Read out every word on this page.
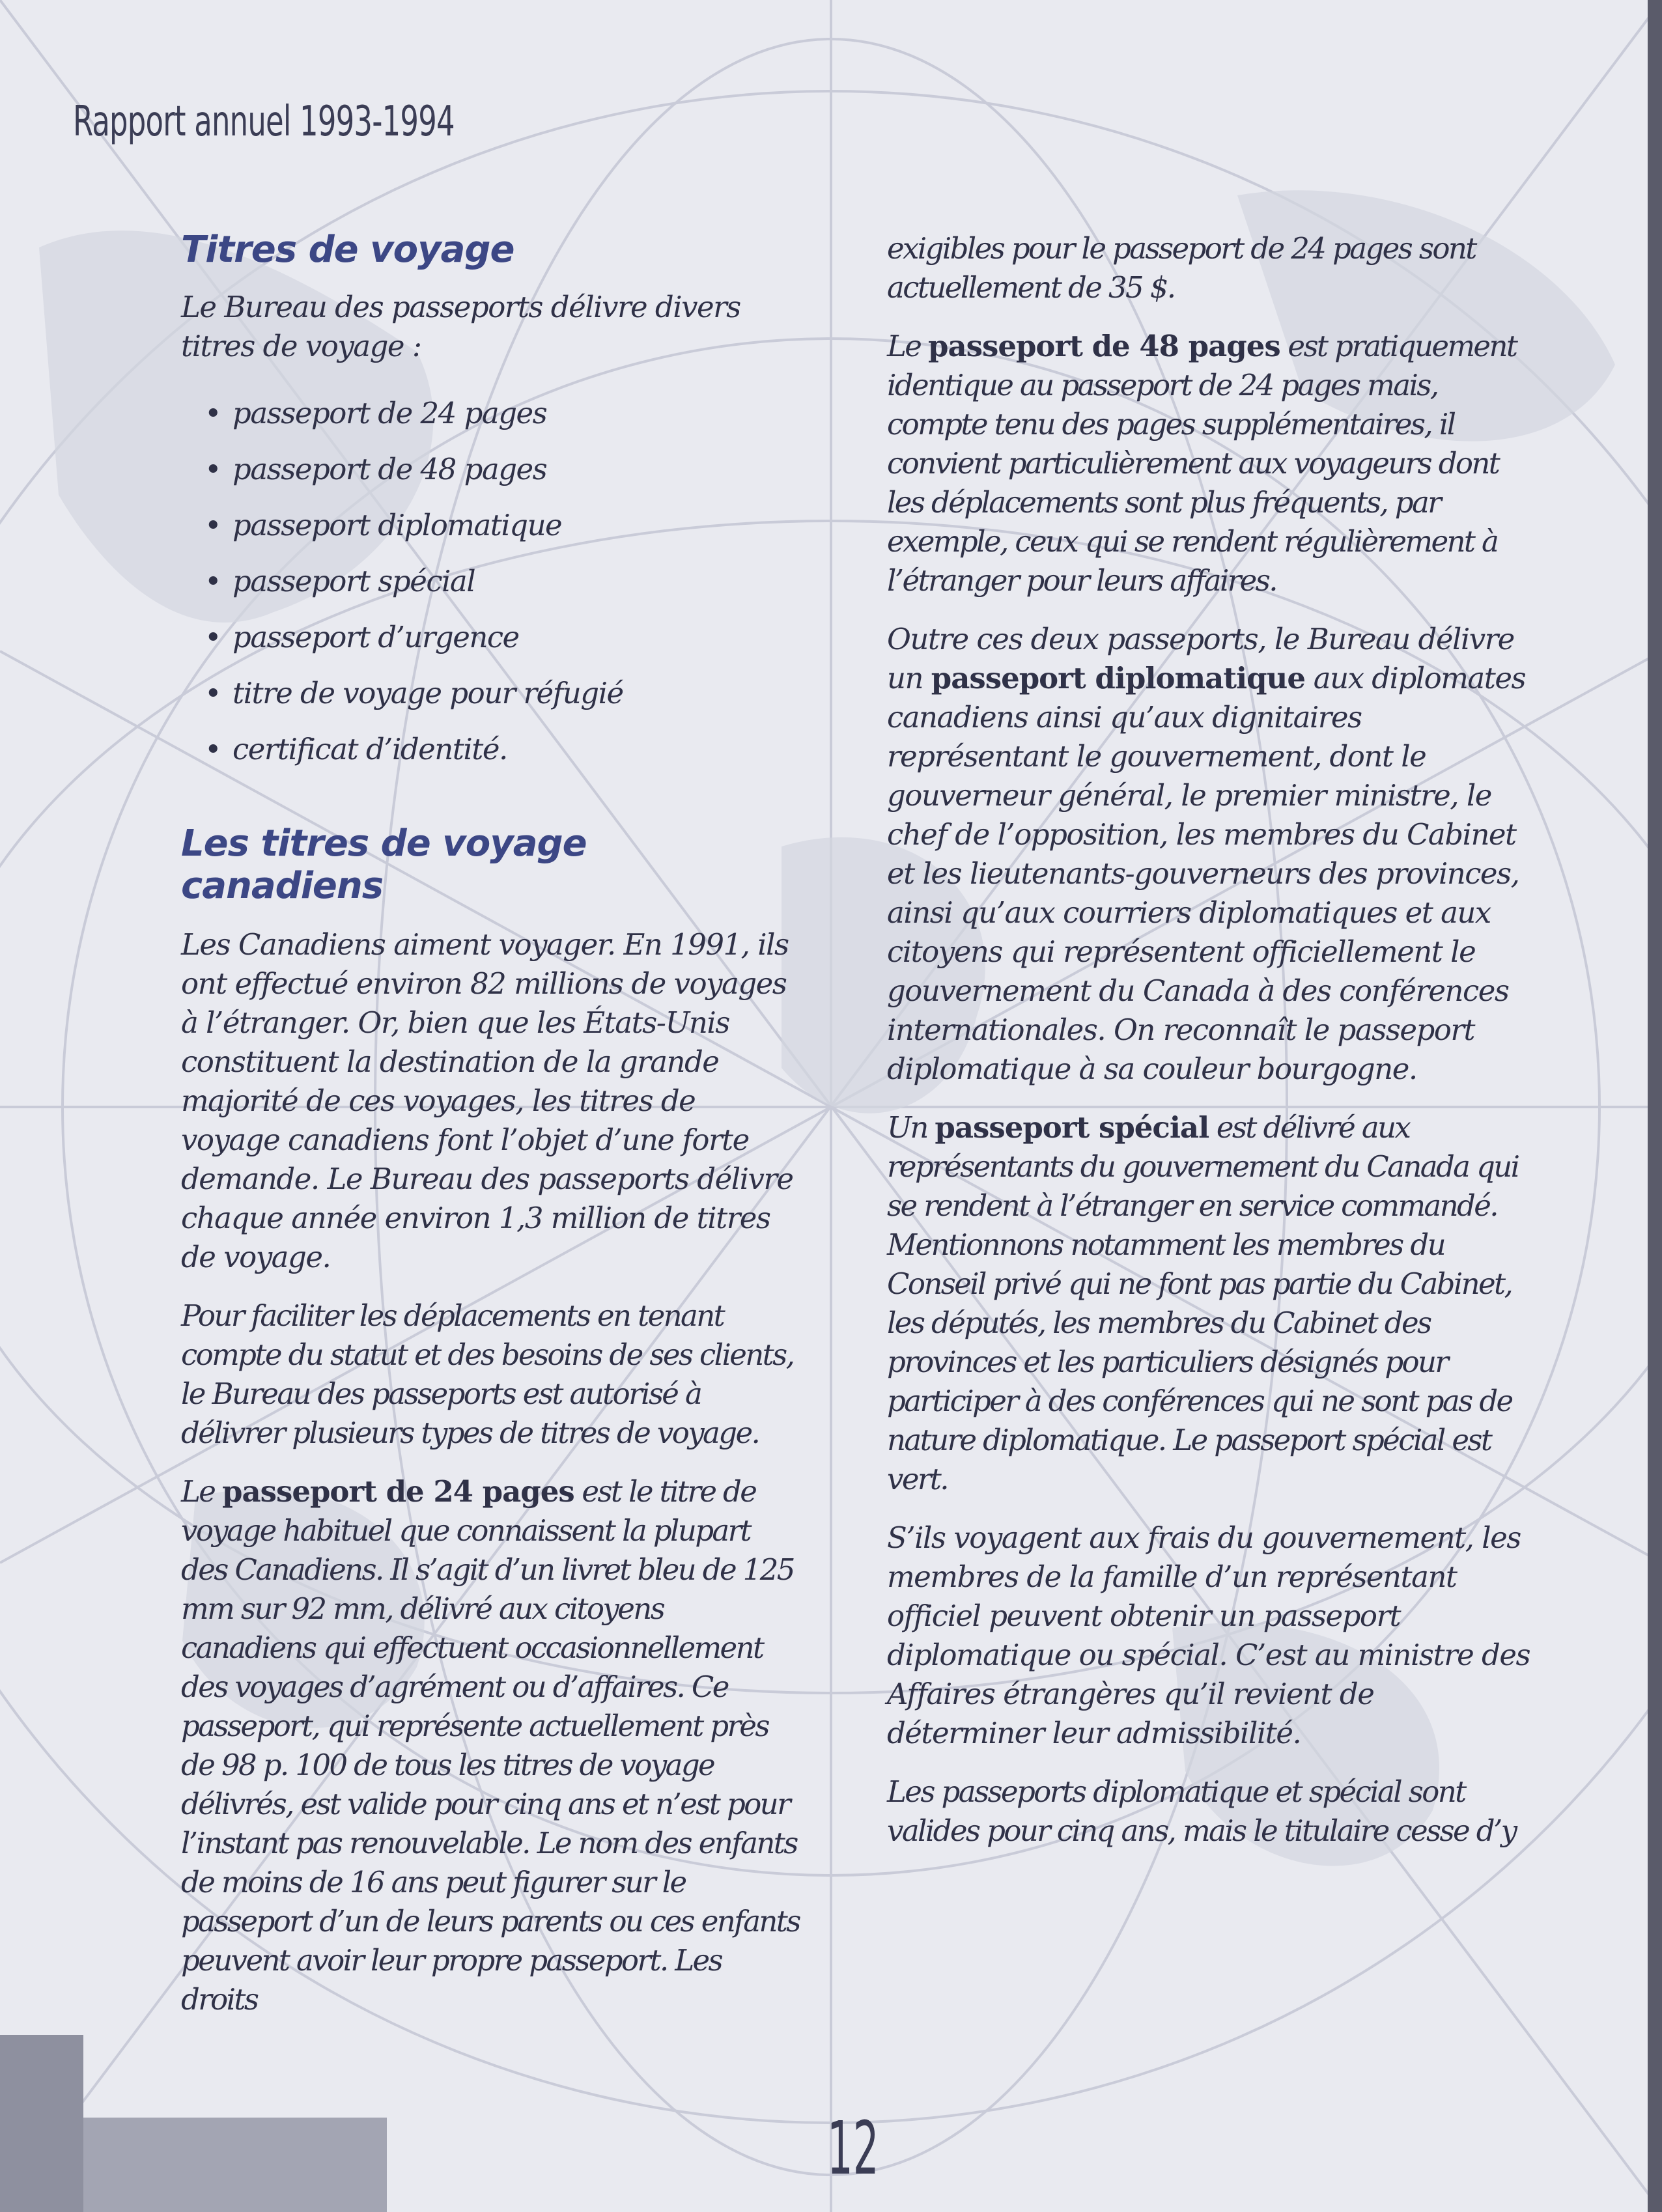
Rapport annuel 1993-1994
Titres de voyage

Le Bureau des passeports délivre divers titres de voyage :

• passeport de 24 pages
• passeport de 48 pages
• passeport diplomatique
• passeport spécial
• passeport d’urgence
• titre de voyage pour réfugié
• certificat d’identité.
Les titres de voyage canadiens

Les Canadiens aiment voyager. En 1991, ils ont effectué environ 82 millions de voyages à l’étranger. Or, bien que les États-Unis constituent la destination de la grande majorité de ces voyages, les titres de voyage canadiens font l’objet d’une forte demande. Le Bureau des passeports délivre chaque année environ 1,3 million de titres de voyage.

Pour faciliter les déplacements en tenant compte du statut et des besoins de ses clients, le Bureau des passeports est autorisé à délivrer plusieurs types de titres de voyage.

Le passeport de 24 pages est le titre de voyage habituel que connaissent la plupart des Canadiens. Il s’agit d’un livret bleu de 125 mm sur 92 mm, délivré aux citoyens canadiens qui effectuent occasionnellement des voyages d’agrément ou d’affaires. Ce passeport, qui représente actuellement près de 98 p. 100 de tous les titres de voyage délivrés, est valide pour cinq ans et n’est pour l’instant pas renouvelable. Le nom des enfants de moins de 16 ans peut figurer sur le passeport d’un de leurs parents ou ces enfants peuvent avoir leur propre passeport. Les droits

exigibles pour le passeport de 24 pages sont actuellement de 35 $.

Le passeport de 48 pages est pratiquement identique au passeport de 24 pages mais, compte tenu des pages supplémentaires, il convient particulièrement aux voyageurs dont les déplacements sont plus fréquents, par exemple, ceux qui se rendent régulièrement à l’étranger pour leurs affaires.

Outre ces deux passeports, le Bureau délivre un passeport diplomatique aux diplomates canadiens ainsi qu’aux dignitaires représentant le gouvernement, dont le gouverneur général, le premier ministre, le chef de l’opposition, les membres du Cabinet et les lieutenants-gouverneurs des provinces, ainsi qu’aux courriers diplomatiques et aux citoyens qui représentent officiellement le gouvernement du Canada à des conférences internationales. On reconnaît le passeport diplomatique à sa couleur bourgogne.

Un passeport spécial est délivré aux représentants du gouvernement du Canada qui se rendent à l’étranger en service commandé. Mentionnons notamment les membres du Conseil privé qui ne font pas partie du Cabinet, les députés, les membres du Cabinet des provinces et les particuliers désignés pour participer à des conférences qui ne sont pas de nature diplomatique. Le passeport spécial est vert.

S’ils voyagent aux frais du gouvernement, les membres de la famille d’un représentant officiel peuvent obtenir un passeport diplomatique ou spécial. C’est au ministre des Affaires étrangères qu’il revient de déterminer leur admissibilité.

Les passeports diplomatique et spécial sont valides pour cinq ans, mais le titulaire cesse d’y

12
